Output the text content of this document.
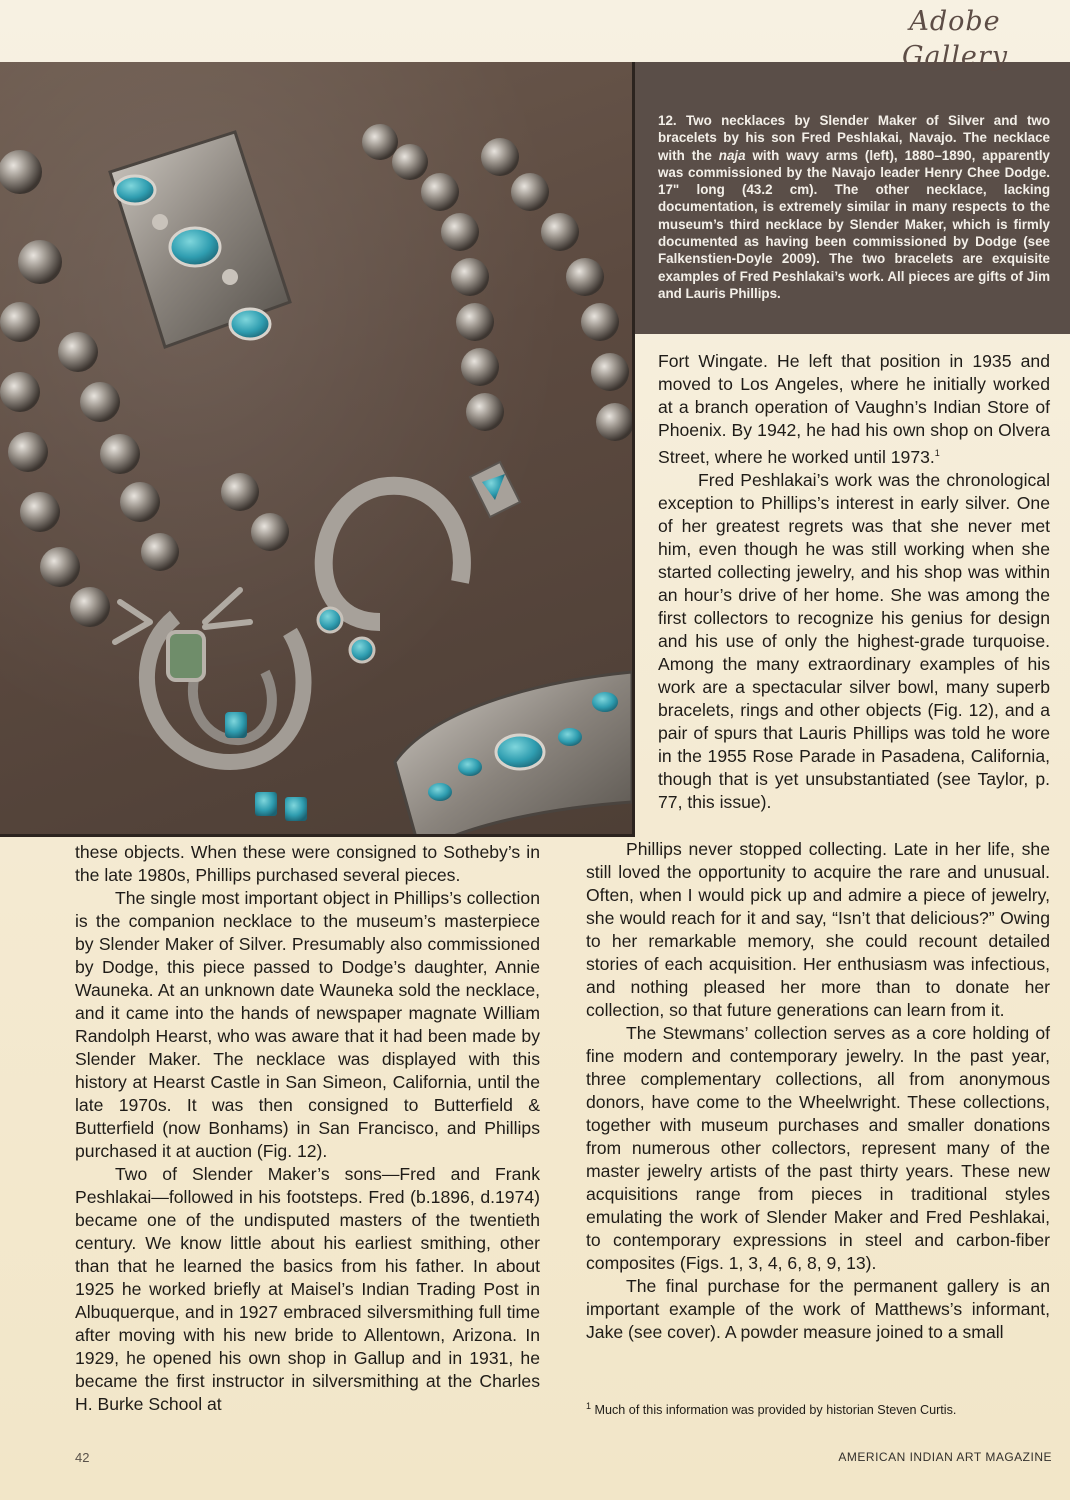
Adobe
Gallery

12. Two necklaces by Slender Maker of Silver and two bracelets by his son Fred Peshlakai, Navajo. The necklace with the naja with wavy arms (left), 1880–1890, apparently was commissioned by the Navajo leader Henry Chee Dodge. 17" long (43.2 cm). The other necklace, lacking documentation, is extremely similar in many respects to the museum’s third necklace by Slender Maker, which is firmly documented as having been commissioned by Dodge (see Falkenstien-Doyle 2009). The two bracelets are exquisite examples of Fred Peshlakai’s work. All pieces are gifts of Jim and Lauris Phillips.

Fort Wingate. He left that position in 1935 and moved to Los Angeles, where he initially worked at a branch operation of Vaughn’s Indian Store of Phoenix. By 1942, he had his own shop on Olvera Street, where he worked until 1973.$^1$

Fred Peshlakai’s work was the chronological exception to Phillips’s interest in early silver. One of her greatest regrets was that she never met him, even though he was still working when she started collecting jewelry, and his shop was within an hour’s drive of her home. She was among the first collectors to recognize his genius for design and his use of only the highest-grade turquoise. Among the many extraordinary examples of his work are a spectacular silver bowl, many superb bracelets, rings and other objects (Fig. 12), and a pair of spurs that Lauris Phillips was told he wore in the 1955 Rose Parade in Pasadena, California, though that is yet unsubstantiated (see Taylor, p. 77, this issue).

these objects. When these were consigned to Sotheby’s in the late 1980s, Phillips purchased several pieces.

The single most important object in Phillips’s collection is the companion necklace to the museum’s masterpiece by Slender Maker of Silver. Presumably also commissioned by Dodge, this piece passed to Dodge’s daughter, Annie Wauneka. At an unknown date Wauneka sold the necklace, and it came into the hands of newspaper magnate William Randolph Hearst, who was aware that it had been made by Slender Maker. The necklace was displayed with this history at Hearst Castle in San Simeon, California, until the late 1970s. It was then consigned to Butterfield & Butterfield (now Bonhams) in San Francisco, and Phillips purchased it at auction (Fig. 12).

Two of Slender Maker’s sons—Fred and Frank Peshlakai—followed in his footsteps. Fred (b.1896, d.1974) became one of the undisputed masters of the twentieth century. We know little about his earliest smithing, other than that he learned the basics from his father. In about 1925 he worked briefly at Maisel’s Indian Trading Post in Albuquerque, and in 1927 embraced silversmithing full time after moving with his new bride to Allentown, Arizona. In 1929, he opened his own shop in Gallup and in 1931, he became the first instructor in silversmithing at the Charles H. Burke School at

Phillips never stopped collecting. Late in her life, she still loved the opportunity to acquire the rare and unusual. Often, when I would pick up and admire a piece of jewelry, she would reach for it and say, “Isn’t that delicious?” Owing to her remarkable memory, she could recount detailed stories of each acquisition. Her enthusiasm was infectious, and nothing pleased her more than to donate her collection, so that future generations can learn from it.

The Stewmans’ collection serves as a core holding of fine modern and contemporary jewelry. In the past year, three complementary collections, all from anonymous donors, have come to the Wheelwright. These collections, together with museum purchases and smaller donations from numerous other collectors, represent many of the master jewelry artists of the past thirty years. These new acquisitions range from pieces in traditional styles emulating the work of Slender Maker and Fred Peshlakai, to contemporary expressions in steel and carbon-fiber composites (Figs. 1, 3, 4, 6, 8, 9, 13).

The final purchase for the permanent gallery is an important example of the work of Matthews’s informant, Jake (see cover). A powder measure joined to a small

$^1$ Much of this information was provided by historian Steven Curtis.

42	AMERICAN INDIAN ART MAGAZINE
